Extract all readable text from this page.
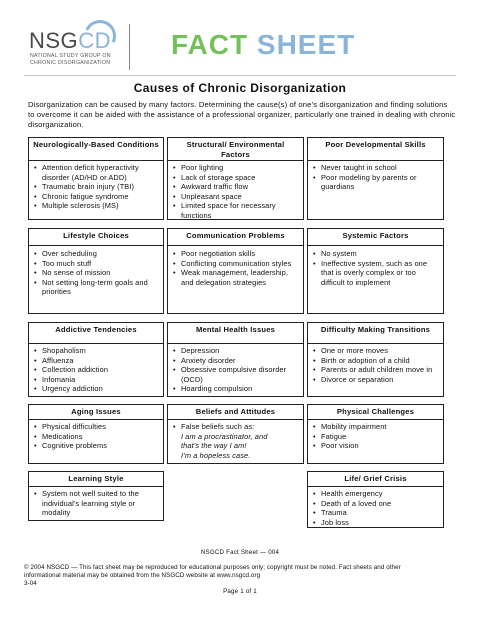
NSGCD
NATIONAL STUDY GROUP ON
CHRONIC DISORGANIZATION
FACT SHEET
Causes of Chronic Disorganization
Disorganization can be caused by many factors. Determining the cause(s) of one’s disorganization and finding solutions to overcome it can be aided with the assistance of a professional organizer, particularly one trained in dealing with chronic disorganization.
Neurologically-Based Conditions
• Attention deficit hyperactivity disorder (AD/HD or ADD)
• Traumatic brain injury (TBI)
• Chronic fatigue syndrome
• Multiple sclerosis (MS)
Structural/ Environmental Factors
• Poor lighting
• Lack of storage space
• Awkward traffic flow
• Unpleasant space
• Limited space for necessary functions
Poor Developmental Skills
• Never taught in school
• Poor modeling by parents or guardians
Lifestyle Choices
• Over scheduling
• Too much stuff
• No sense of mission
• Not setting long-term goals and priorities
Communication Problems
• Poor negotiation skills
• Conflicting communication styles
• Weak management, leadership, and delegation strategies
Systemic Factors
• No system
• Ineffective system, such as one that is overly complex or too difficult to implement
Addictive Tendencies
• Shopaholism
• Affluenza
• Collection addiction
• Infomania
• Urgency addiction
Mental Health Issues
• Depression
• Anxiety disorder
• Obsessive compulsive disorder (OCD)
• Hoarding compulsion
Difficulty Making Transitions
• One or more moves
• Birth or adoption of a child
• Parents or adult children move in
• Divorce or separation
Aging Issues
• Physical difficulties
• Medications
• Cognitive problems
Beliefs and Attitudes
• False beliefs such as:
I am a procrastinator, and
that’s the way I am!
I’m a hopeless case.
Physical Challenges
• Mobility impairment
• Fatigue
• Poor vision
Learning Style
• System not well suited to the individual’s learning style or modality
Life/ Grief Crisis
• Health emergency
• Death of a loved one
• Trauma
• Job loss
NSGCD Fact Sheet — 004
© 2004 NSGCD — This fact sheet may be reproduced for educational purposes only; copyright must be noted. Fact sheets and other
informational material may be obtained from the NSGCD website at www.nsgcd.org
3-04
Page 1 of 1
